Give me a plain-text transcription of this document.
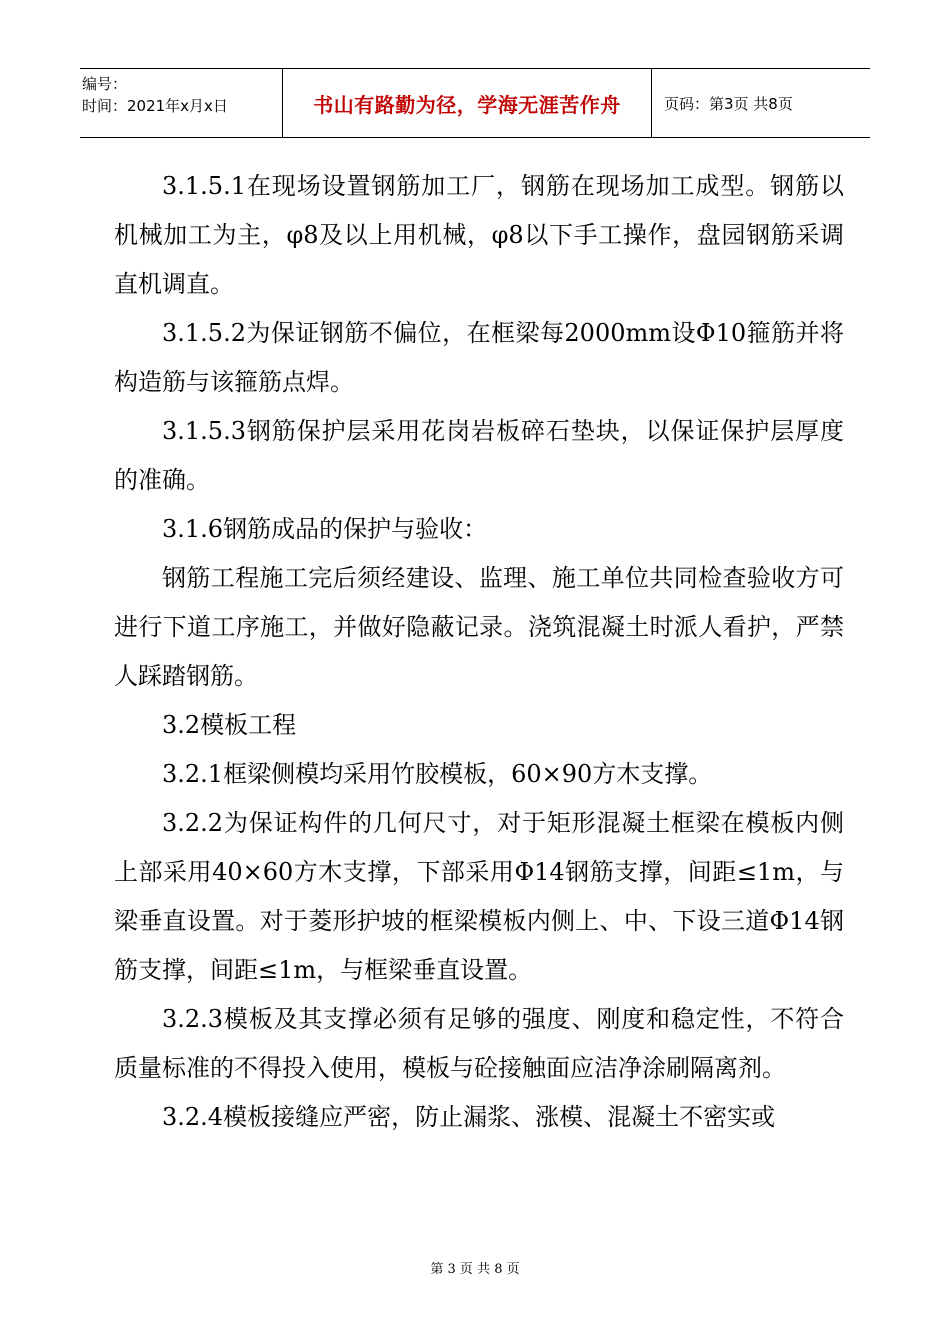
编号：
时间：2021年x月x日	书山有路勤为径，学海无涯苦作舟	页码：第3页 共8页

3.1.5.1在现场设置钢筋加工厂，钢筋在现场加工成型。钢筋以机械加工为主，φ8及以上用机械，φ8以下手工操作，盘园钢筋采调直机调直。

3.1.5.2为保证钢筋不偏位，在框梁每2000mm设Φ10箍筋并将构造筋与该箍筋点焊。

3.1.5.3钢筋保护层采用花岗岩板碎石垫块，以保证保护层厚度的准确。

3.1.6钢筋成品的保护与验收：

钢筋工程施工完后须经建设、监理、施工单位共同检查验收方可进行下道工序施工，并做好隐蔽记录。浇筑混凝土时派人看护，严禁人踩踏钢筋。

3.2模板工程

3.2.1框梁侧模均采用竹胶模板，60×90方木支撑。

3.2.2为保证构件的几何尺寸，对于矩形混凝土框梁在模板内侧上部采用40×60方木支撑，下部采用Φ14钢筋支撑，间距≤1m，与梁垂直设置。对于菱形护坡的框梁模板内侧上、中、下设三道Φ14钢筋支撑，间距≤1m，与框梁垂直设置。

3.2.3模板及其支撑必须有足够的强度、刚度和稳定性，不符合质量标准的不得投入使用，模板与砼接触面应洁净涂刷隔离剂。

3.2.4模板接缝应严密，防止漏浆、涨模、混凝土不密实或

第 3 页 共 8 页
